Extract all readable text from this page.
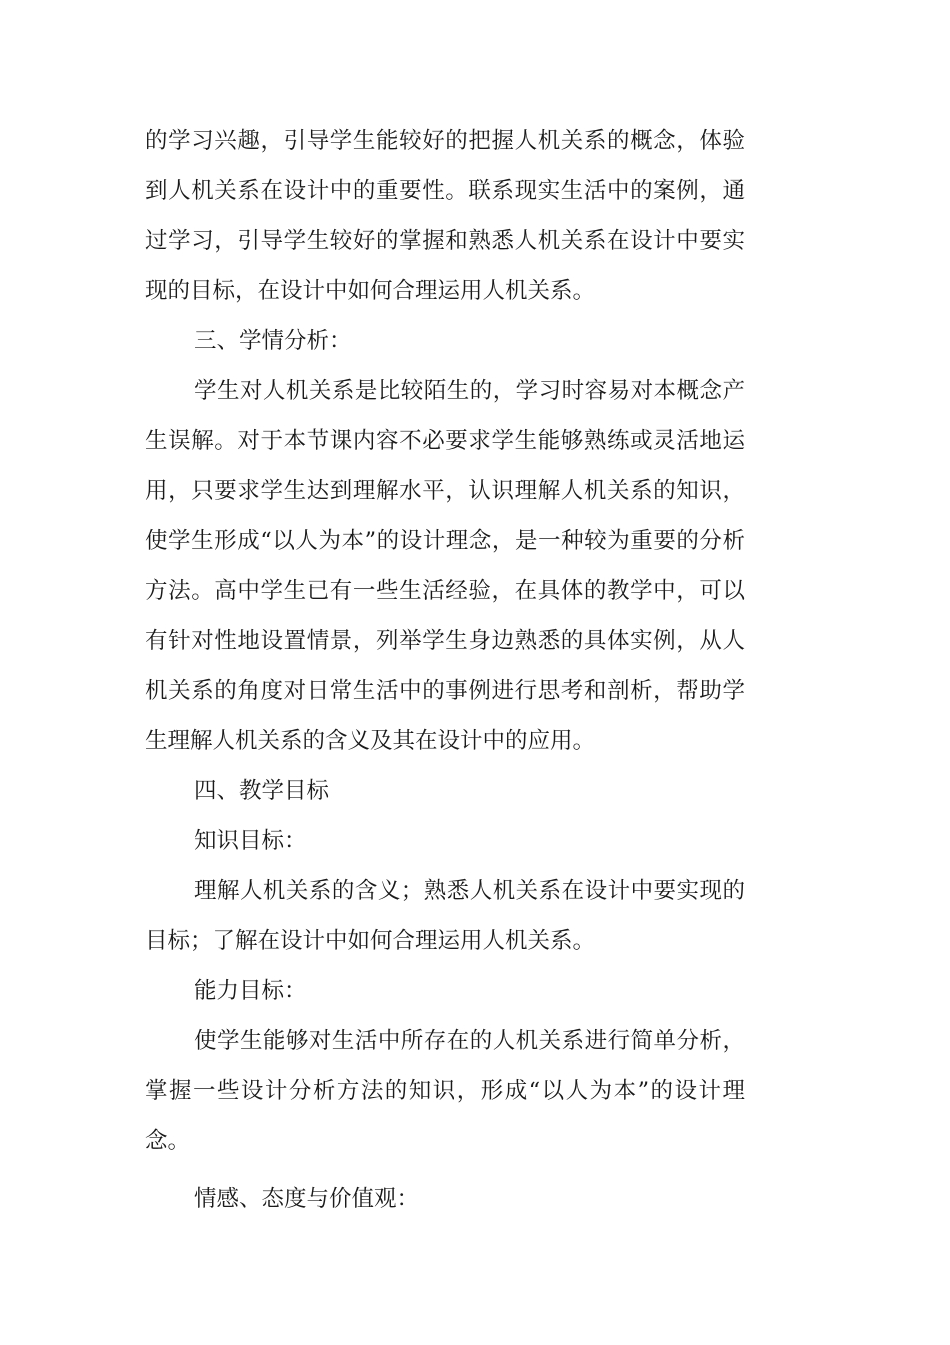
的学习兴趣，引导学生能较好的把握人机关系的概念，体验到人机关系在设计中的重要性。联系现实生活中的案例，通过学习，引导学生较好的掌握和熟悉人机关系在设计中要实现的目标，在设计中如何合理运用人机关系。

三、学情分析：

学生对人机关系是比较陌生的，学习时容易对本概念产生误解。对于本节课内容不必要求学生能够熟练或灵活地运用，只要求学生达到理解水平，认识理解人机关系的知识，使学生形成“以人为本”的设计理念，是一种较为重要的分析方法。高中学生已有一些生活经验，在具体的教学中，可以有针对性地设置情景，列举学生身边熟悉的具体实例，从人机关系的角度对日常生活中的事例进行思考和剖析，帮助学生理解人机关系的含义及其在设计中的应用。

四、教学目标

知识目标：

理解人机关系的含义；熟悉人机关系在设计中要实现的目标；了解在设计中如何合理运用人机关系。

能力目标：

使学生能够对生活中所存在的人机关系进行简单分析，掌握一些设计分析方法的知识，形成“以人为本”的设计理念。

情感、态度与价值观：
